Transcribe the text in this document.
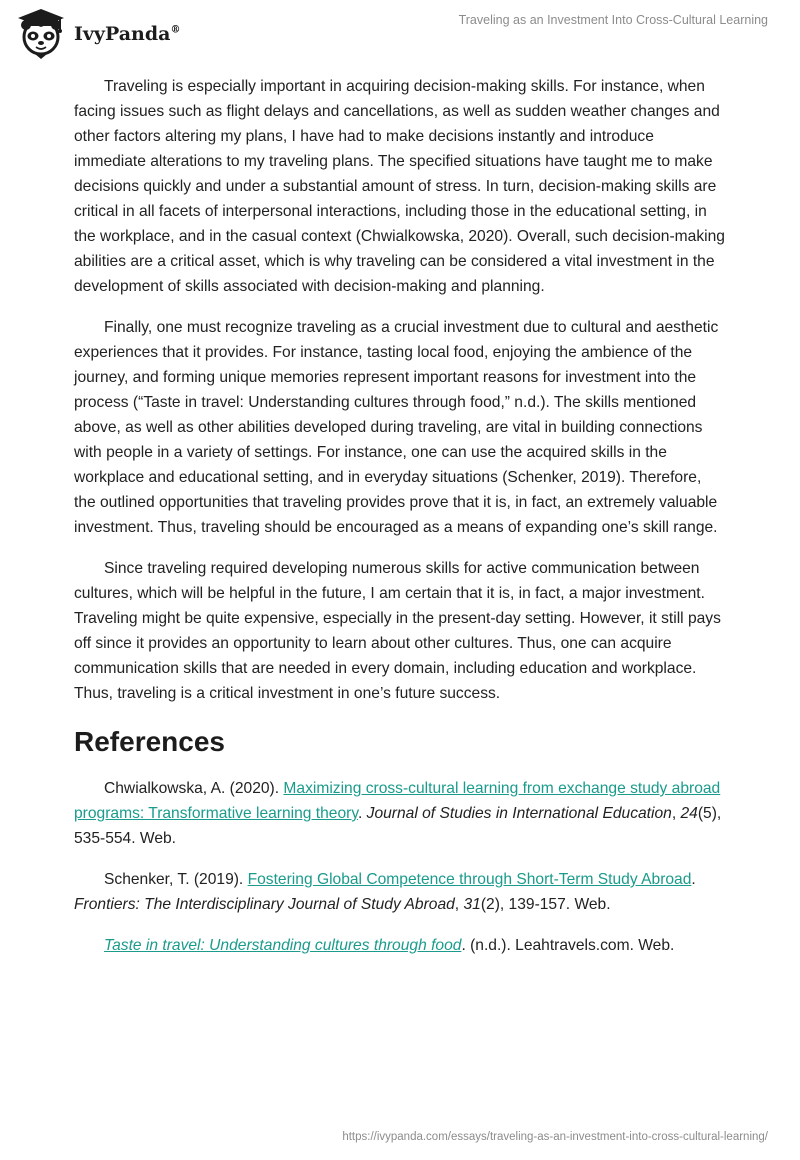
IvyPanda®
Traveling as an Investment Into Cross-Cultural Learning

Traveling is especially important in acquiring decision-making skills. For instance, when facing issues such as flight delays and cancellations, as well as sudden weather changes and other factors altering my plans, I have had to make decisions instantly and introduce immediate alterations to my traveling plans. The specified situations have taught me to make decisions quickly and under a substantial amount of stress. In turn, decision-making skills are critical in all facets of interpersonal interactions, including those in the educational setting, in the workplace, and in the casual context (Chwialkowska, 2020). Overall, such decision-making abilities are a critical asset, which is why traveling can be considered a vital investment in the development of skills associated with decision-making and planning.

Finally, one must recognize traveling as a crucial investment due to cultural and aesthetic experiences that it provides. For instance, tasting local food, enjoying the ambience of the journey, and forming unique memories represent important reasons for investment into the process (“Taste in travel: Understanding cultures through food,” n.d.). The skills mentioned above, as well as other abilities developed during traveling, are vital in building connections with people in a variety of settings. For instance, one can use the acquired skills in the workplace and educational setting, and in everyday situations (Schenker, 2019). Therefore, the outlined opportunities that traveling provides prove that it is, in fact, an extremely valuable investment. Thus, traveling should be encouraged as a means of expanding one’s skill range.

Since traveling required developing numerous skills for active communication between cultures, which will be helpful in the future, I am certain that it is, in fact, a major investment. Traveling might be quite expensive, especially in the present-day setting. However, it still pays off since it provides an opportunity to learn about other cultures. Thus, one can acquire communication skills that are needed in every domain, including education and workplace. Thus, traveling is a critical investment in one’s future success.

References

Chwialkowska, A. (2020). Maximizing cross-cultural learning from exchange study abroad programs: Transformative learning theory. Journal of Studies in International Education, 24(5), 535-554. Web.

Schenker, T. (2019). Fostering Global Competence through Short-Term Study Abroad. Frontiers: The Interdisciplinary Journal of Study Abroad, 31(2), 139-157. Web.

Taste in travel: Understanding cultures through food. (n.d.). Leahtravels.com. Web.

https://ivypanda.com/essays/traveling-as-an-investment-into-cross-cultural-learning/
